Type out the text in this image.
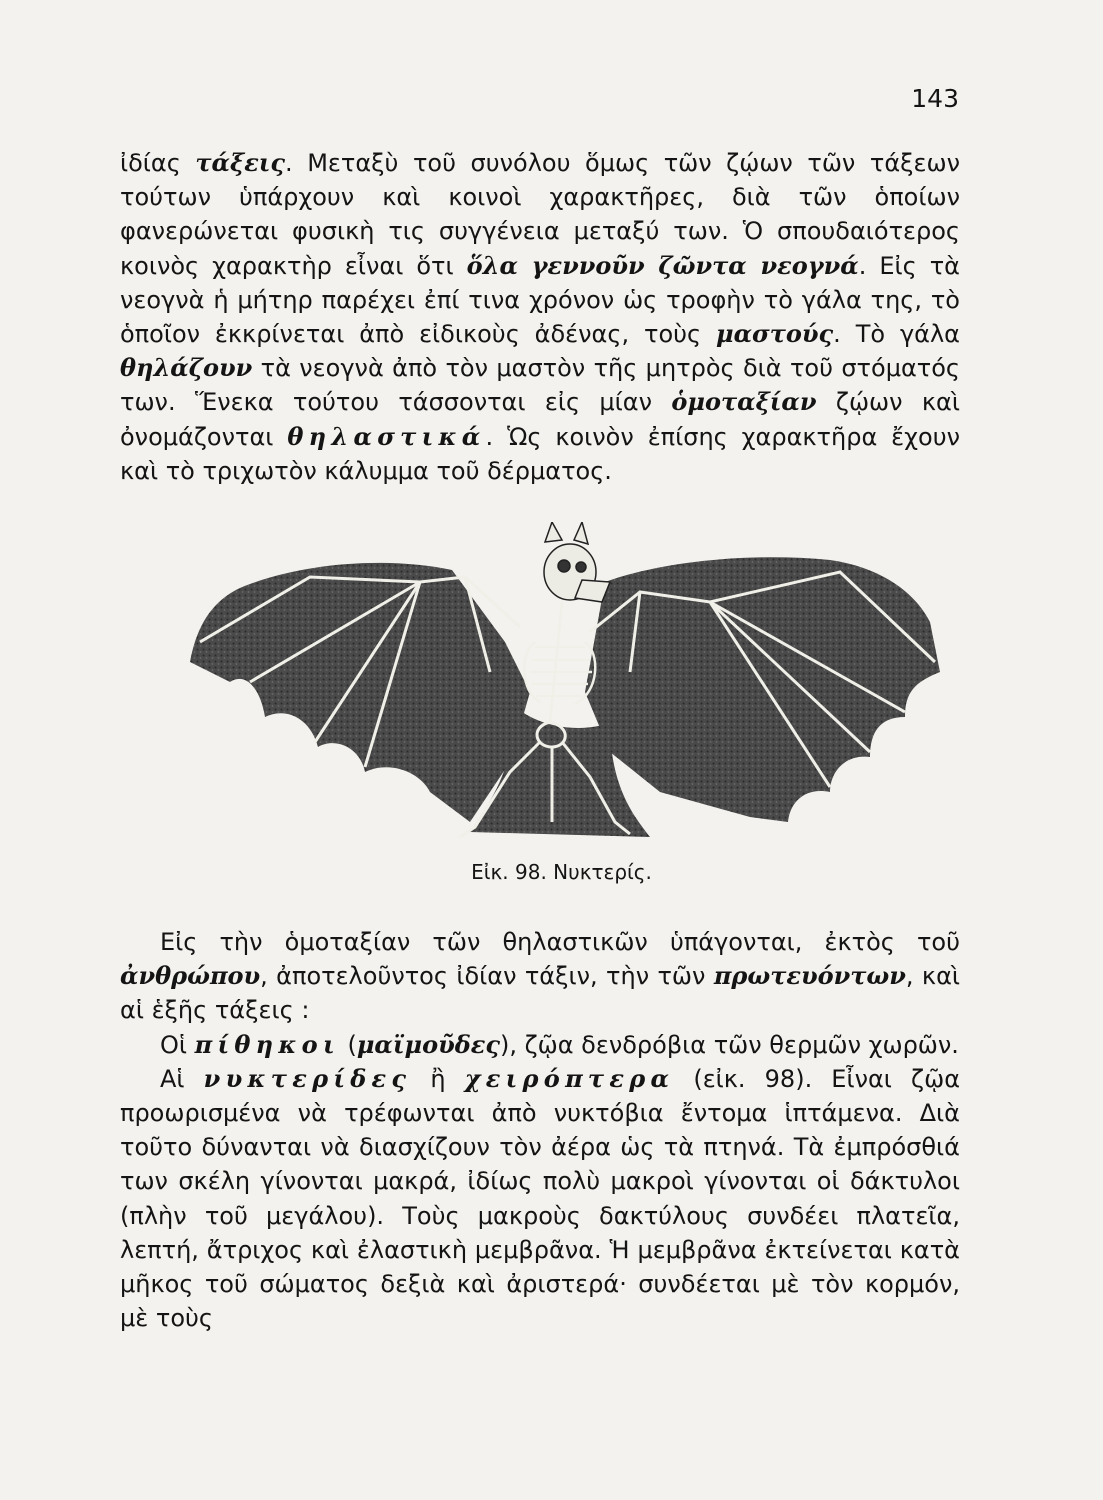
143
ἰδίας τάξεις. Μεταξὺ τοῦ συνόλου ὅμως τῶν ζῴων τῶν τάξεων τούτων ὑπάρχουν καὶ κοινοὶ χαρακτῆρες, διὰ τῶν ὁποίων φανερώνεται φυσικὴ τις συγγένεια μεταξύ των. Ὁ σπουδαιότερος κοινὸς χαρακτὴρ εἶναι ὅτι ὅλα γεννοῦν ζῶντα νεογνά. Εἰς τὰ νεογνὰ ἡ μήτηρ παρέχει ἐπί τινα χρόνον ὡς τροφὴν τὸ γάλα της, τὸ ὁποῖον ἐκκρίνεται ἀπὸ εἰδικοὺς ἀδένας, τοὺς μαστούς. Τὸ γάλα θηλάζουν τὰ νεογνὰ ἀπὸ τὸν μαστὸν τῆς μητρὸς διὰ τοῦ στόματός των. Ἕνεκα τούτου τάσσονται εἰς μίαν ὁμοταξίαν ζῴων καὶ ὀνομάζονται θηλαστικά. Ὡς κοινὸν ἐπίσης χαρακτῆρα ἔχουν καὶ τὸ τριχωτὸν κάλυμμα τοῦ δέρματος.
Εἰκ. 98. Νυκτερίς.
Εἰς τὴν ὁμοταξίαν τῶν θηλαστικῶν ὑπάγονται, ἐκτὸς τοῦ ἀνθρώπου, ἀποτελοῦντος ἰδίαν τάξιν, τὴν τῶν πρωτευόντων, καὶ αἱ ἑξῆς τάξεις :
Οἱ πίθηκοι (μαϊμοῦδες), ζῷα δενδρόβια τῶν θερμῶν χωρῶν.
Αἱ νυκτερίδες ἢ χειρόπτερα (εἰκ. 98). Εἶναι ζῷα προωρισμένα νὰ τρέφωνται ἀπὸ νυκτόβια ἔντομα ἱπτάμενα. Διὰ τοῦτο δύνανται νὰ διασχίζουν τὸν ἀέρα ὡς τὰ πτηνά. Τὰ ἐμπρόσθιά των σκέλη γίνονται μακρά, ἰδίως πολὺ μακροὶ γίνονται οἱ δάκτυλοι (πλὴν τοῦ μεγάλου). Τοὺς μακροὺς δακτύλους συνδέει πλατεῖα, λεπτή, ἄτριχος καὶ ἐλαστικὴ μεμβρᾶνα. Ἡ μεμβρᾶνα ἐκτείνεται κατὰ μῆκος τοῦ σώματος δεξιὰ καὶ ἀριστερά· συνδέεται μὲ τὸν κορμόν, μὲ τοὺς
